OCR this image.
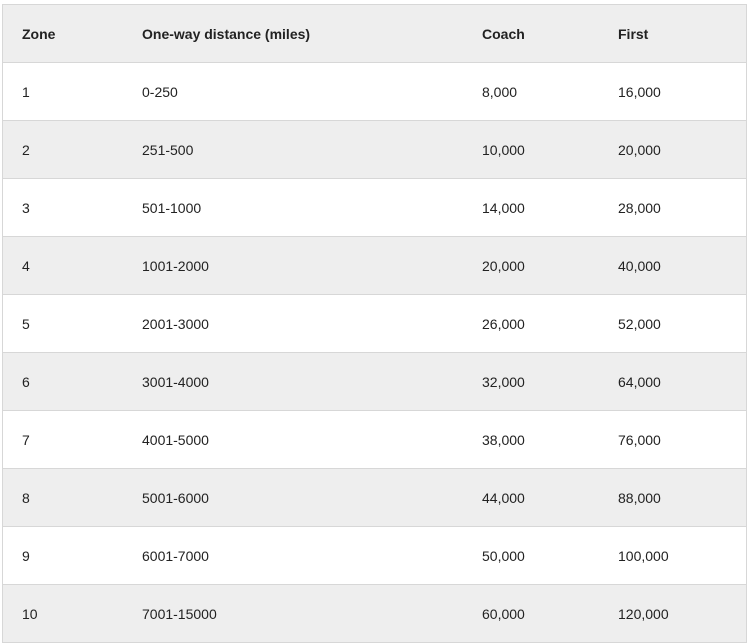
Zone	One-way distance (miles)	Coach	First
1	0-250	8,000	16,000
2	251-500	10,000	20,000
3	501-1000	14,000	28,000
4	1001-2000	20,000	40,000
5	2001-3000	26,000	52,000
6	3001-4000	32,000	64,000
7	4001-5000	38,000	76,000
8	5001-6000	44,000	88,000
9	6001-7000	50,000	100,000
10	7001-15000	60,000	120,000
